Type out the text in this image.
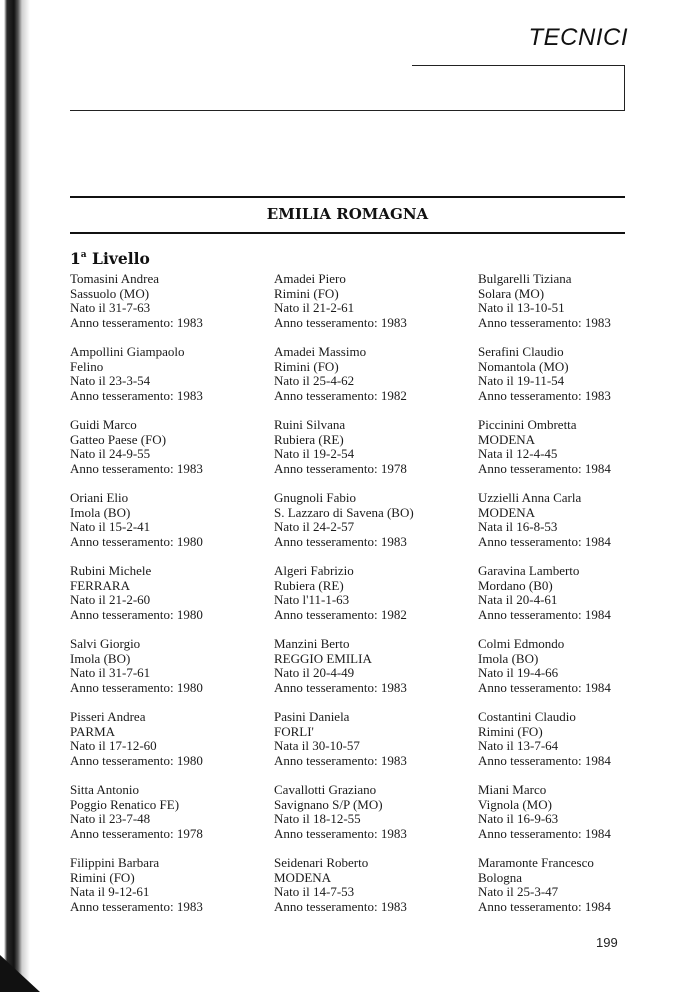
TECNICI
EMILIA ROMAGNA
1$^a$ Livello
Tomasini Andrea
Sassuolo (MO)
Nato il 31-7-63
Anno tesseramento: 1983
Ampollini Giampaolo
Felino
Nato il 23-3-54
Anno tesseramento: 1983
Guidi Marco
Gatteo Paese (FO)
Nato il 24-9-55
Anno tesseramento: 1983
Oriani Elio
Imola (BO)
Nato il 15-2-41
Anno tesseramento: 1980
Rubini Michele
FERRARA
Nato il 21-2-60
Anno tesseramento: 1980
Salvi Giorgio
Imola (BO)
Nato il 31-7-61
Anno tesseramento: 1980
Pisseri Andrea
PARMA
Nato il 17-12-60
Anno tesseramento: 1980
Sitta Antonio
Poggio Renatico FE)
Nato il 23-7-48
Anno tesseramento: 1978
Filippini Barbara
Rimini (FO)
Nata il 9-12-61
Anno tesseramento: 1983
Amadei Piero
Rimini (FO)
Nato il 21-2-61
Anno tesseramento: 1983
Amadei Massimo
Rimini (FO)
Nato il 25-4-62
Anno tesseramento: 1982
Ruini Silvana
Rubiera (RE)
Nato il 19-2-54
Anno tesseramento: 1978
Gnugnoli Fabio
S. Lazzaro di Savena (BO)
Nato il 24-2-57
Anno tesseramento: 1983
Algeri Fabrizio
Rubiera (RE)
Nato l'11-1-63
Anno tesseramento: 1982
Manzini Berto
REGGIO EMILIA
Nato il 20-4-49
Anno tesseramento: 1983
Pasini Daniela
FORLI'
Nata il 30-10-57
Anno tesseramento: 1983
Cavallotti Graziano
Savignano S/P (MO)
Nato il 18-12-55
Anno tesseramento: 1983
Seidenari Roberto
MODENA
Nato il 14-7-53
Anno tesseramento: 1983
Bulgarelli Tiziana
Solara (MO)
Nato il 13-10-51
Anno tesseramento: 1983
Serafini Claudio
Nomantola (MO)
Nato il 19-11-54
Anno tesseramento: 1983
Piccinini Ombretta
MODENA
Nata il 12-4-45
Anno tesseramento: 1984
Uzzielli Anna Carla
MODENA
Nata il 16-8-53
Anno tesseramento: 1984
Garavina Lamberto
Mordano (B0)
Nata il 20-4-61
Anno tesseramento: 1984
Colmi Edmondo
Imola (BO)
Nato il 19-4-66
Anno tesseramento: 1984
Costantini Claudio
Rimini (FO)
Nato il 13-7-64
Anno tesseramento: 1984
Miani Marco
Vignola (MO)
Nato il 16-9-63
Anno tesseramento: 1984
Maramonte Francesco
Bologna
Nato il 25-3-47
Anno tesseramento: 1984
199
